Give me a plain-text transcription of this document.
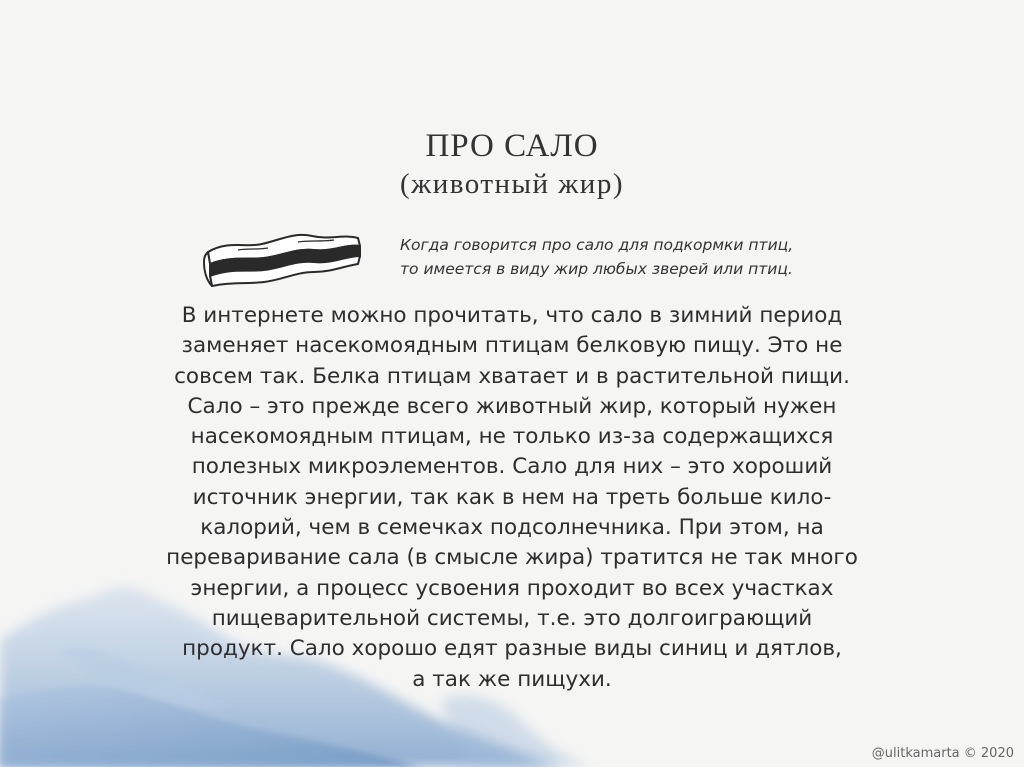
ПРО САЛО
(животный жир)
Когда говорится про сало для подкормки птиц,
то имеется в виду жир любых зверей или птиц.
В интернете можно прочитать, что сало в зимний период
заменяет насекомоядным птицам белковую пищу. Это не
совсем так. Белка птицам хватает и в растительной пищи.
Сало – это прежде всего животный жир, который нужен
насекомоядным птицам, не только из-за содержащихся
полезных микроэлементов. Сало для них – это хороший
источник энергии, так как в нем на треть больше кило-
калорий, чем в семечках подсолнечника. При этом, на
переваривание сала (в смысле жира) тратится не так много
энергии, а процесс усвоения проходит во всех участках
пищеварительной системы, т.е. это долгоиграющий
продукт. Сало хорошо едят разные виды синиц и дятлов,
а так же пищухи.
@ulitkamarta © 2020
